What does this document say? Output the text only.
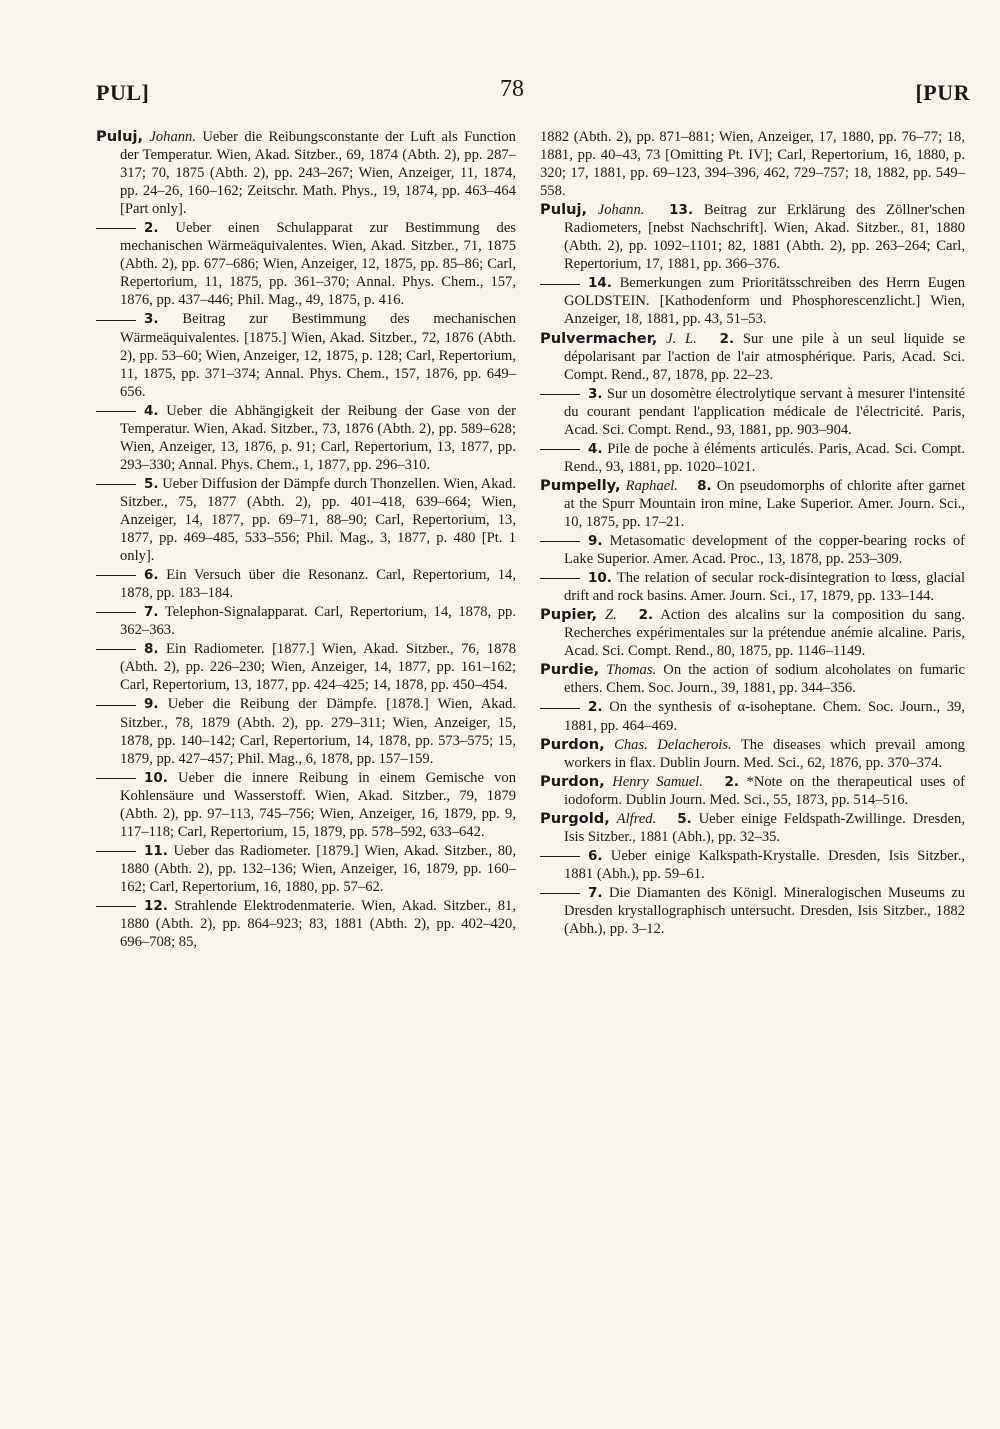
PUL]	78	[PUR
Puluj, Johann. Ueber die Reibungsconstante der Luft als Function der Temperatur. Wien, Akad. Sitzber., 69, 1874 (Abth. 2), pp. 287–317; 70, 1875 (Abth. 2), pp. 243–267; Wien, Anzeiger, 11, 1874, pp. 24–26, 160–162; Zeitschr. Math. Phys., 19, 1874, pp. 463–464 [Part only].
2. Ueber einen Schulapparat zur Bestimmung des mechanischen Wärmeäquivalentes. Wien, Akad. Sitzber., 71, 1875 (Abth. 2), pp. 677–686; Wien, Anzeiger, 12, 1875, pp. 85–86; Carl, Repertorium, 11, 1875, pp. 361–370; Annal. Phys. Chem., 157, 1876, pp. 437–446; Phil. Mag., 49, 1875, p. 416.
3. Beitrag zur Bestimmung des mechanischen Wärmeäquivalentes. [1875.] Wien, Akad. Sitzber., 72, 1876 (Abth. 2), pp. 53–60; Wien, Anzeiger, 12, 1875, p. 128; Carl, Repertorium, 11, 1875, pp. 371–374; Annal. Phys. Chem., 157, 1876, pp. 649–656.
4. Ueber die Abhängigkeit der Reibung der Gase von der Temperatur. Wien, Akad. Sitzber., 73, 1876 (Abth. 2), pp. 589–628; Wien, Anzeiger, 13, 1876, p. 91; Carl, Repertorium, 13, 1877, pp. 293–330; Annal. Phys. Chem., 1, 1877, pp. 296–310.
5. Ueber Diffusion der Dämpfe durch Thonzellen. Wien, Akad. Sitzber., 75, 1877 (Abth. 2), pp. 401–418, 639–664; Wien, Anzeiger, 14, 1877, pp. 69–71, 88–90; Carl, Repertorium, 13, 1877, pp. 469–485, 533–556; Phil. Mag., 3, 1877, p. 480 [Pt. 1 only].
6. Ein Versuch über die Resonanz. Carl, Repertorium, 14, 1878, pp. 183–184.
7. Telephon-Signalapparat. Carl, Repertorium, 14, 1878, pp. 362–363.
8. Ein Radiometer. [1877.] Wien, Akad. Sitzber., 76, 1878 (Abth. 2), pp. 226–230; Wien, Anzeiger, 14, 1877, pp. 161–162; Carl, Repertorium, 13, 1877, pp. 424–425; 14, 1878, pp. 450–454.
9. Ueber die Reibung der Dämpfe. [1878.] Wien, Akad. Sitzber., 78, 1879 (Abth. 2), pp. 279–311; Wien, Anzeiger, 15, 1878, pp. 140–142; Carl, Repertorium, 14, 1878, pp. 573–575; 15, 1879, pp. 427–457; Phil. Mag., 6, 1878, pp. 157–159.
10. Ueber die innere Reibung in einem Gemische von Kohlensäure und Wasserstoff. Wien, Akad. Sitzber., 79, 1879 (Abth. 2), pp. 97–113, 745–756; Wien, Anzeiger, 16, 1879, pp. 9, 117–118; Carl, Repertorium, 15, 1879, pp. 578–592, 633–642.
11. Ueber das Radiometer. [1879.] Wien, Akad. Sitzber., 80, 1880 (Abth. 2), pp. 132–136; Wien, Anzeiger, 16, 1879, pp. 160–162; Carl, Repertorium, 16, 1880, pp. 57–62.
12. Strahlende Elektrodenmaterie. Wien, Akad. Sitzber., 81, 1880 (Abth. 2), pp. 864–923; 83, 1881 (Abth. 2), pp. 402–420, 696–708; 85,
1882 (Abth. 2), pp. 871–881; Wien, Anzeiger, 17, 1880, pp. 76–77; 18, 1881, pp. 40–43, 73 [Omitting Pt. IV]; Carl, Repertorium, 16, 1880, p. 320; 17, 1881, pp. 69–123, 394–396, 462, 729–757; 18, 1882, pp. 549–558.
Puluj, Johann. 13. Beitrag zur Erklärung des Zöllner'schen Radiometers, [nebst Nachschrift]. Wien, Akad. Sitzber., 81, 1880 (Abth. 2), pp. 1092–1101; 82, 1881 (Abth. 2), pp. 263–264; Carl, Repertorium, 17, 1881, pp. 366–376.
14. Bemerkungen zum Prioritätsschreiben des Herrn Eugen GOLDSTEIN. [Kathodenform und Phosphorescenzlicht.] Wien, Anzeiger, 18, 1881, pp. 43, 51–53.
Pulvermacher, J. L. 2. Sur une pile à un seul liquide se dépolarisant par l'action de l'air atmosphérique. Paris, Acad. Sci. Compt. Rend., 87, 1878, pp. 22–23.
3. Sur un dosomètre électrolytique servant à mesurer l'intensité du courant pendant l'application médicale de l'électricité. Paris, Acad. Sci. Compt. Rend., 93, 1881, pp. 903–904.
4. Pile de poche à éléments articulés. Paris, Acad. Sci. Compt. Rend., 93, 1881, pp. 1020–1021.
Pumpelly, Raphael. 8. On pseudomorphs of chlorite after garnet at the Spurr Mountain iron mine, Lake Superior. Amer. Journ. Sci., 10, 1875, pp. 17–21.
9. Metasomatic development of the copper-bearing rocks of Lake Superior. Amer. Acad. Proc., 13, 1878, pp. 253–309.
10. The relation of secular rock-disintegration to lœss, glacial drift and rock basins. Amer. Journ. Sci., 17, 1879, pp. 133–144.
Pupier, Z. 2. Action des alcalins sur la composition du sang. Recherches expérimentales sur la prétendue anémie alcaline. Paris, Acad. Sci. Compt. Rend., 80, 1875, pp. 1146–1149.
Purdie, Thomas. On the action of sodium alcoholates on fumaric ethers. Chem. Soc. Journ., 39, 1881, pp. 344–356.
2. On the synthesis of α-isoheptane. Chem. Soc. Journ., 39, 1881, pp. 464–469.
Purdon, Chas. Delacherois. The diseases which prevail among workers in flax. Dublin Journ. Med. Sci., 62, 1876, pp. 370–374.
Purdon, Henry Samuel. 2. *Note on the therapeutical uses of iodoform. Dublin Journ. Med. Sci., 55, 1873, pp. 514–516.
Purgold, Alfred. 5. Ueber einige Feldspath-Zwillinge. Dresden, Isis Sitzber., 1881 (Abh.), pp. 32–35.
6. Ueber einige Kalkspath-Krystalle. Dresden, Isis Sitzber., 1881 (Abh.), pp. 59–61.
7. Die Diamanten des Königl. Mineralogischen Museums zu Dresden krystallographisch untersucht. Dresden, Isis Sitzber., 1882 (Abh.), pp. 3–12.
